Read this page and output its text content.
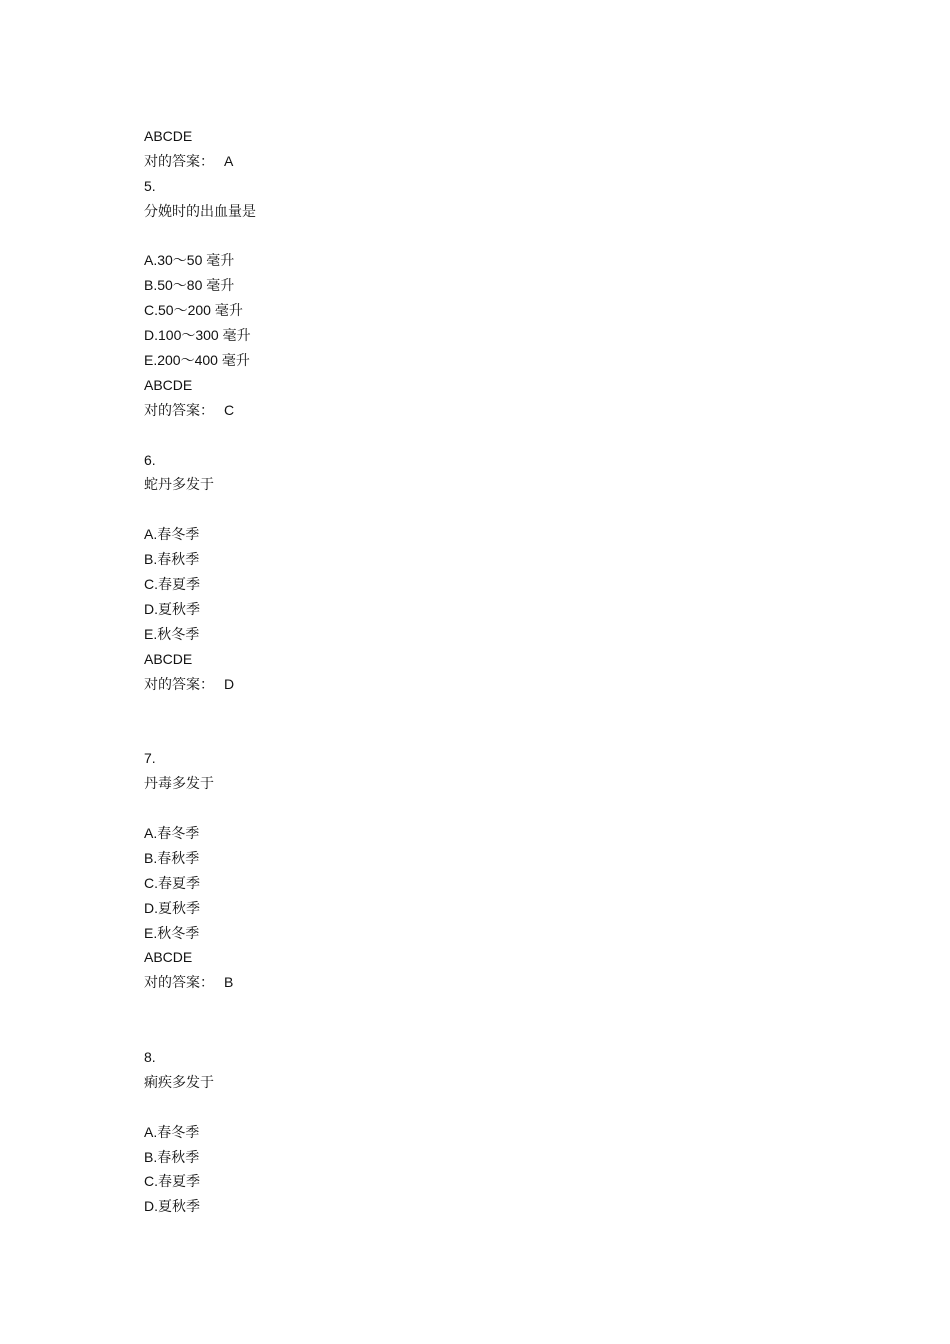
ABCDE
对的答案： A
5.
分娩时的出血量是
A.30～50 毫升
B.50～80 毫升
C.50～200 毫升
D.100～300 毫升
E.200～400 毫升
ABCDE
对的答案： C
6.
蛇丹多发于
A.春冬季
B.春秋季
C.春夏季
D.夏秋季
E.秋冬季
ABCDE
对的答案： D
7.
丹毒多发于
A.春冬季
B.春秋季
C.春夏季
D.夏秋季
E.秋冬季
ABCDE
对的答案： B
8.
痢疾多发于
A.春冬季
B.春秋季
C.春夏季
D.夏秋季
